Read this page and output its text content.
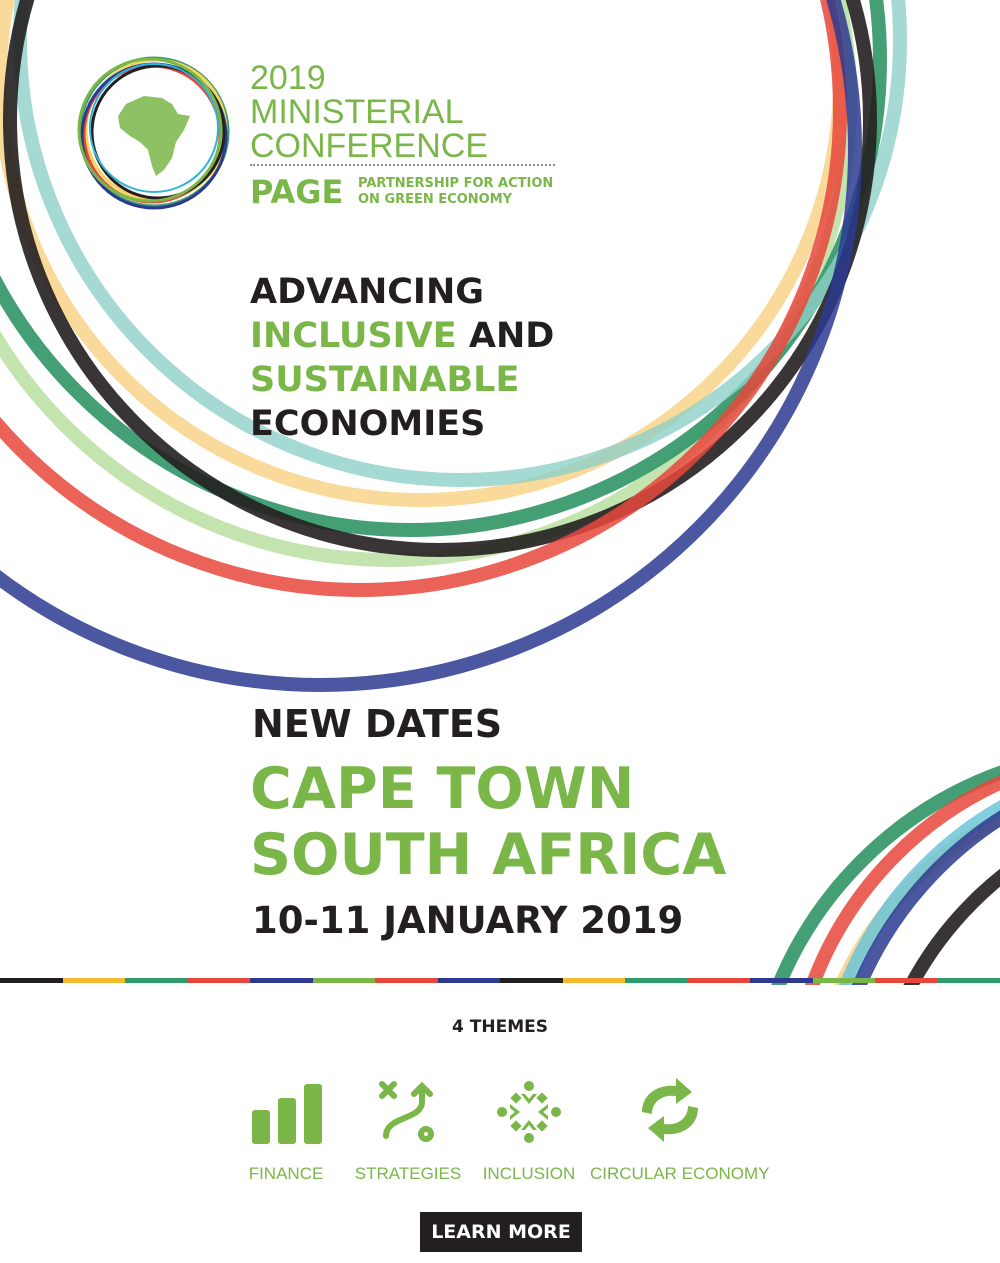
2019
MINISTERIAL
CONFERENCE
PAGE PARTNERSHIP FOR ACTION
ON GREEN ECONOMY
ADVANCING
INCLUSIVE AND
SUSTAINABLE
ECONOMIES
NEW DATES
CAPE TOWN
SOUTH AFRICA
10-11 JANUARY 2019
4 THEMES
FINANCE	STRATEGIES	INCLUSION CIRCULAR ECONOMY
LEARN MORE
